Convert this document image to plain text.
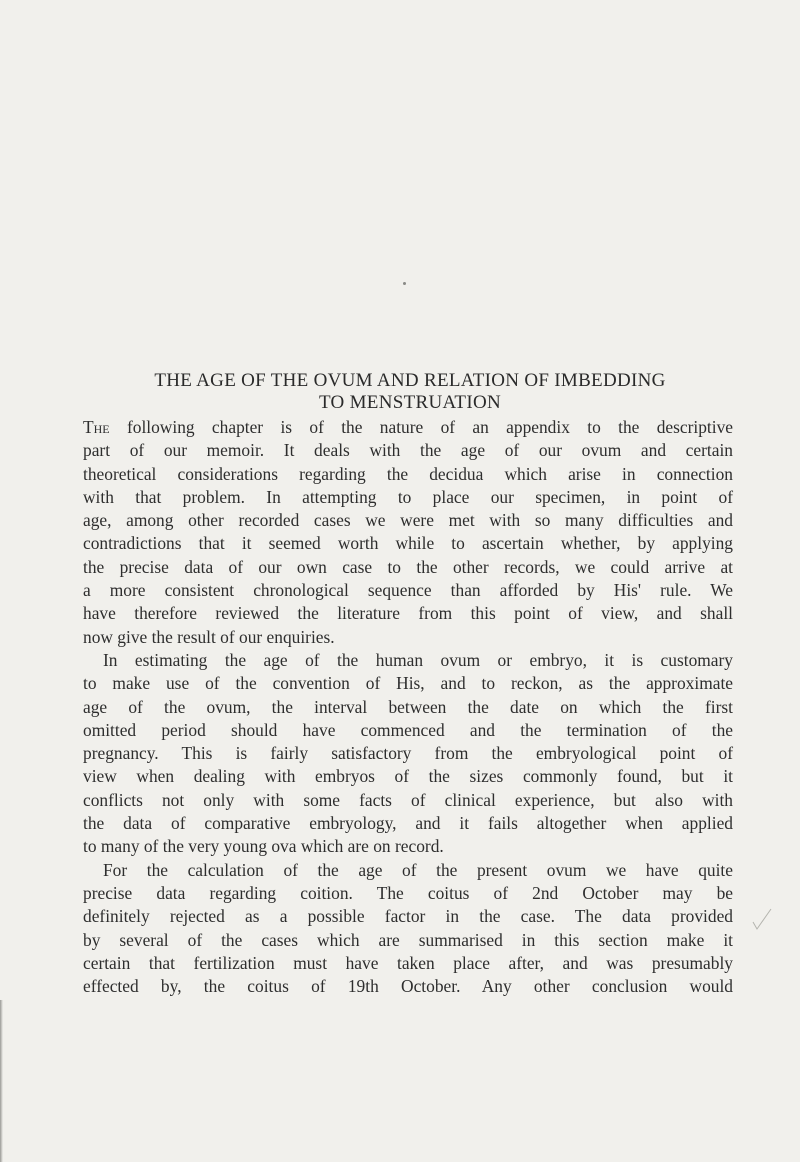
THE AGE OF THE OVUM AND RELATION OF IMBEDDING
TO MENSTRUATION
The following chapter is of the nature of an appendix to the descriptive
part of our memoir. It deals with the age of our ovum and certain
theoretical considerations regarding the decidua which arise in connection
with that problem. In attempting to place our specimen, in point of
age, among other recorded cases we were met with so many difficulties and
contradictions that it seemed worth while to ascertain whether, by applying
the precise data of our own case to the other records, we could arrive at
a more consistent chronological sequence than afforded by His' rule. We
have therefore reviewed the literature from this point of view, and shall
now give the result of our enquiries.
In estimating the age of the human ovum or embryo, it is customary
to make use of the convention of His, and to reckon, as the approximate
age of the ovum, the interval between the date on which the first
omitted period should have commenced and the termination of the
pregnancy. This is fairly satisfactory from the embryological point of
view when dealing with embryos of the sizes commonly found, but it
conflicts not only with some facts of clinical experience, but also with
the data of comparative embryology, and it fails altogether when applied
to many of the very young ova which are on record.
For the calculation of the age of the present ovum we have quite
precise data regarding coition. The coitus of 2nd October may be
definitely rejected as a possible factor in the case. The data provided
by several of the cases which are summarised in this section make it
certain that fertilization must have taken place after, and was presumably
effected by, the coitus of 19th October. Any other conclusion would
